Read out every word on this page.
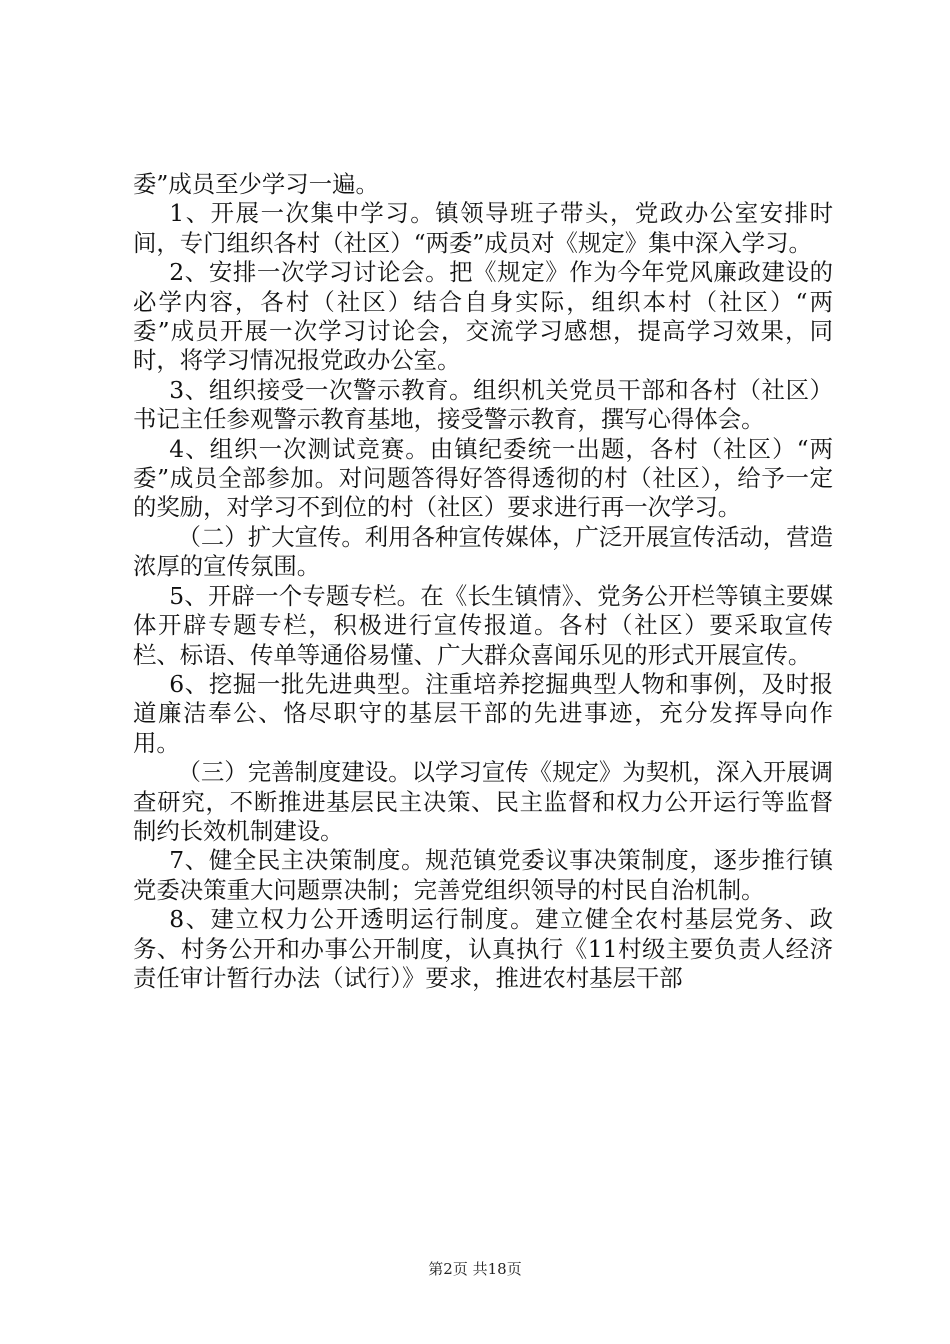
委”成员至少学习一遍。

1、开展一次集中学习。镇领导班子带头，党政办公室安排时间，专门组织各村（社区）“两委”成员对《规定》集中深入学习。

2、安排一次学习讨论会。把《规定》作为今年党风廉政建设的必学内容，各村（社区）结合自身实际，组织本村（社区）“两委”成员开展一次学习讨论会，交流学习感想，提高学习效果，同时，将学习情况报党政办公室。

3、组织接受一次警示教育。组织机关党员干部和各村（社区）书记主任参观警示教育基地，接受警示教育，撰写心得体会。

4、组织一次测试竞赛。由镇纪委统一出题，各村（社区）“两委”成员全部参加。对问题答得好答得透彻的村（社区），给予一定的奖励，对学习不到位的村（社区）要求进行再一次学习。

（二）扩大宣传。利用各种宣传媒体，广泛开展宣传活动，营造浓厚的宣传氛围。

5、开辟一个专题专栏。在《长生镇情》、党务公开栏等镇主要媒体开辟专题专栏，积极进行宣传报道。各村（社区）要采取宣传栏、标语、传单等通俗易懂、广大群众喜闻乐见的形式开展宣传。

6、挖掘一批先进典型。注重培养挖掘典型人物和事例，及时报道廉洁奉公、恪尽职守的基层干部的先进事迹，充分发挥导向作用。

（三）完善制度建设。以学习宣传《规定》为契机，深入开展调查研究，不断推进基层民主决策、民主监督和权力公开运行等监督制约长效机制建设。

7、健全民主决策制度。规范镇党委议事决策制度，逐步推行镇党委决策重大问题票决制；完善党组织领导的村民自治机制。

8、建立权力公开透明运行制度。建立健全农村基层党务、政务、村务公开和办事公开制度，认真执行《11村级主要负责人经济责任审计暂行办法（试行）》要求，推进农村基层干部

第2页 共18页
